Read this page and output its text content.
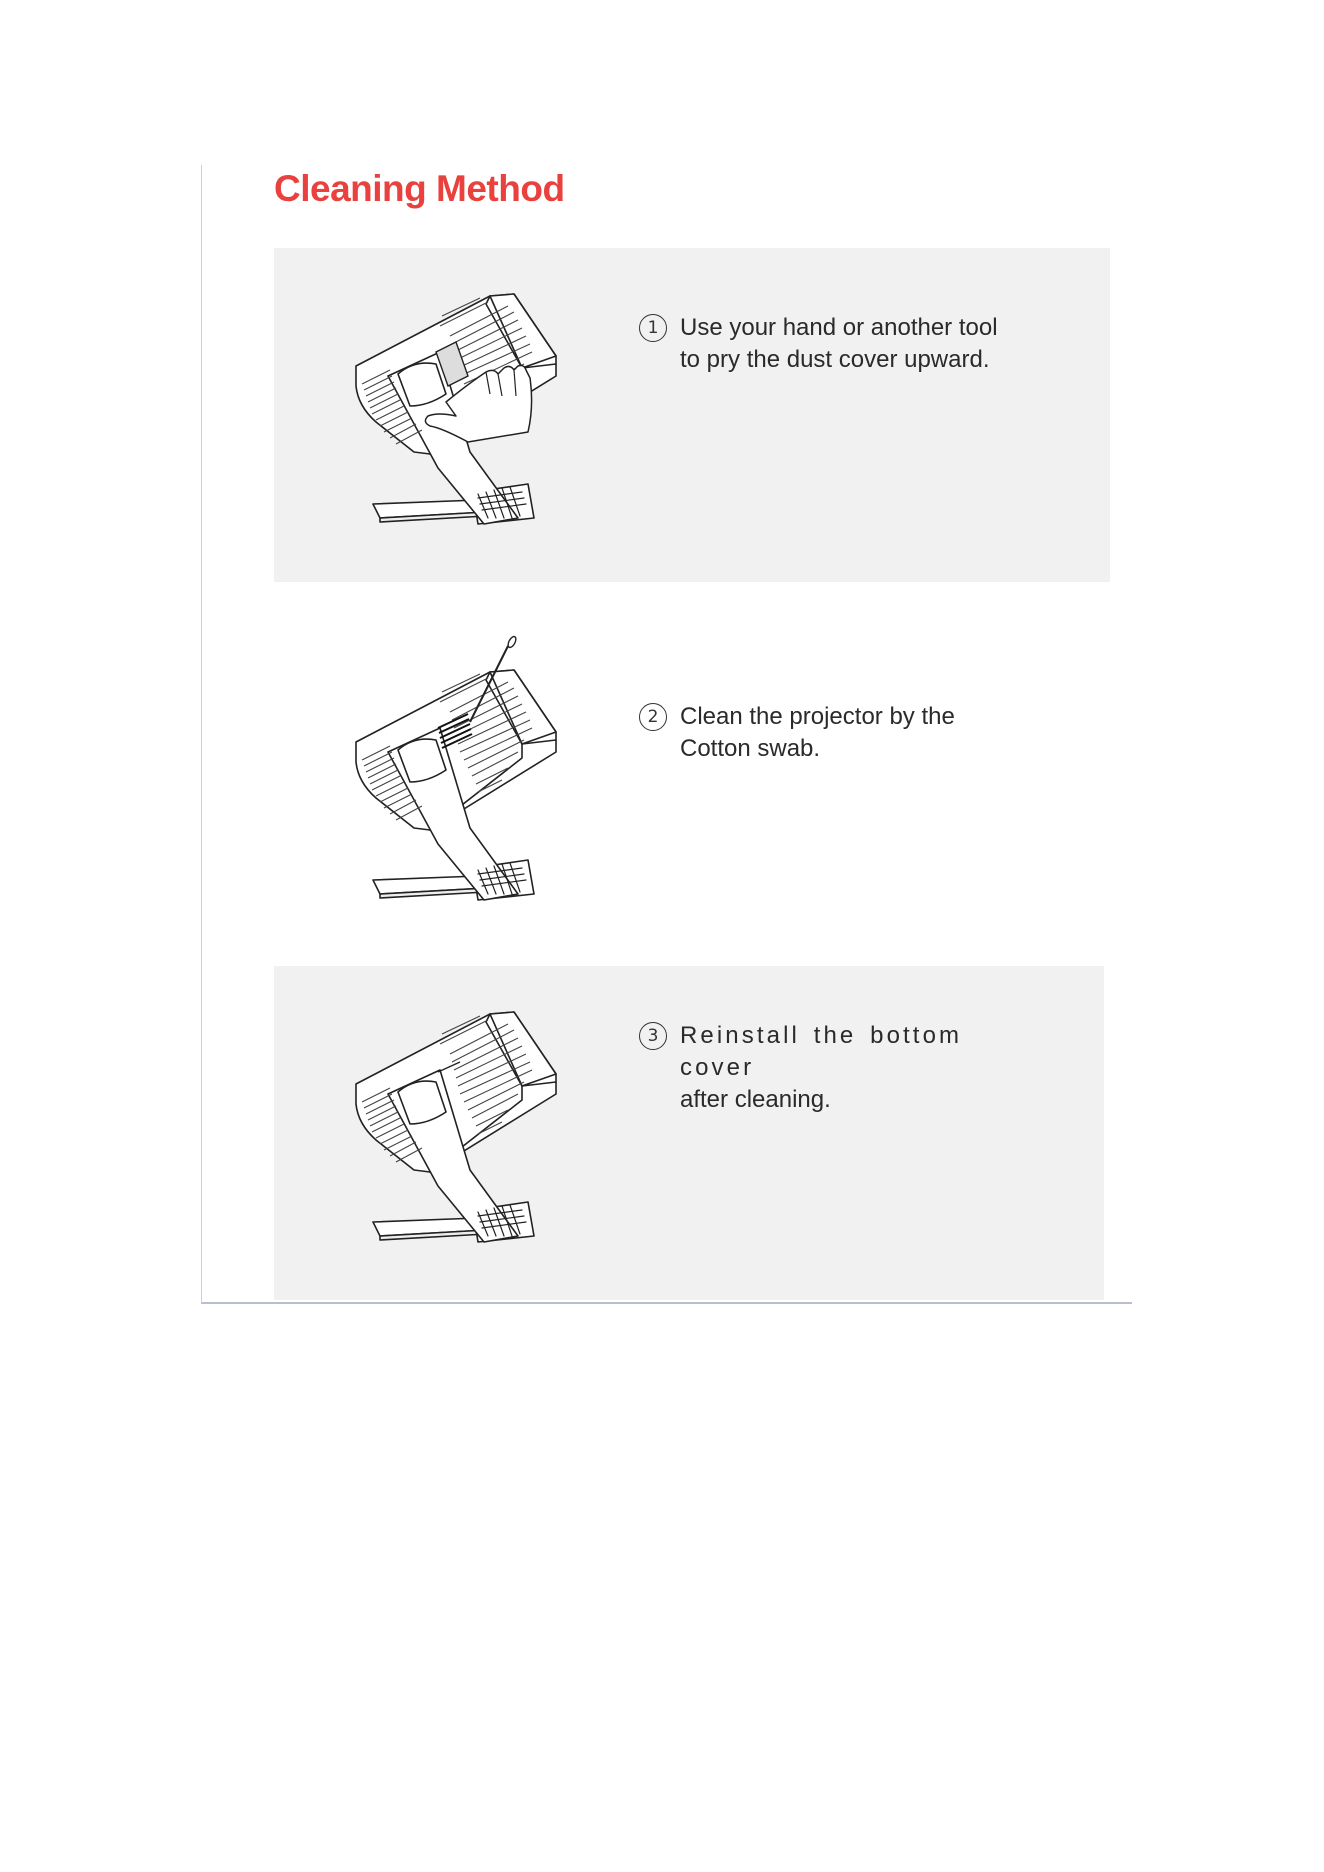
Cleaning Method
1 Use your hand or another tool
to pry the dust cover upward.
2 Clean the projector by the
Cotton swab.
3 Reinstall the bottom cover
after cleaning.
